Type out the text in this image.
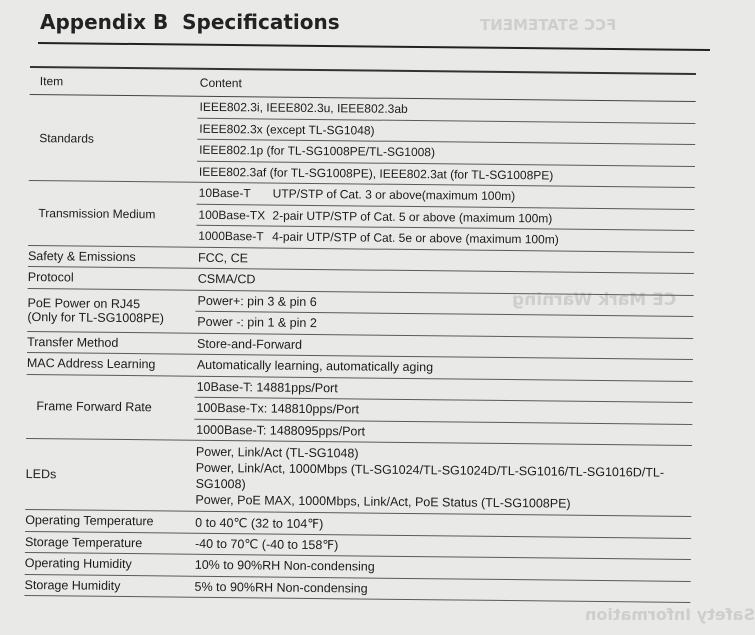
FCC STATEMENT
CE Mark Warning
Safety Information
Appendix B Specifications
Item	Content
Standards	IEEE802.3i, IEEE802.3u, IEEE802.3ab
	IEEE802.3x (except TL-SG1048)
	IEEE802.1p (for TL-SG1008PE/TL-SG1008)
	IEEE802.3af (for TL-SG1008PE), IEEE802.3at (for TL-SG1008PE)
Transmission Medium	10Base-T UTP/STP of Cat. 3 or above(maximum 100m)
	100Base-TX 2-pair UTP/STP of Cat. 5 or above (maximum 100m)
	1000Base-T 4-pair UTP/STP of Cat. 5e or above (maximum 100m)
Safety & Emissions	FCC, CE
Protocol	CSMA/CD

PoE Power on RJ45
(Only for TL-SG1008PE)	Power+: pin 3 & pin 6
	Power -: pin 1 & pin 2
Transfer Method	Store-and-Forward
MAC Address Learning	Automatically learning, automatically aging
Frame Forward Rate	10Base-T: 14881pps/Port
	100Base-Tx: 148810pps/Port
	1000Base-T: 1488095pps/Port
LEDs	Power, Link/Act (TL-SG1048)
Power, Link/Act, 1000Mbps (TL-SG1024/TL-SG1024D/TL-SG1016/TL-SG1016D/TL-
SG1008)
Power, PoE MAX, 1000Mbps, Link/Act, PoE Status (TL-SG1008PE)

Operating Temperature	0 to 40℃ (32 to 104℉)
Storage Temperature	-40 to 70℃ (-40 to 158℉)
Operating Humidity	10% to 90%RH Non-condensing
Storage Humidity	5% to 90%RH Non-condensing
